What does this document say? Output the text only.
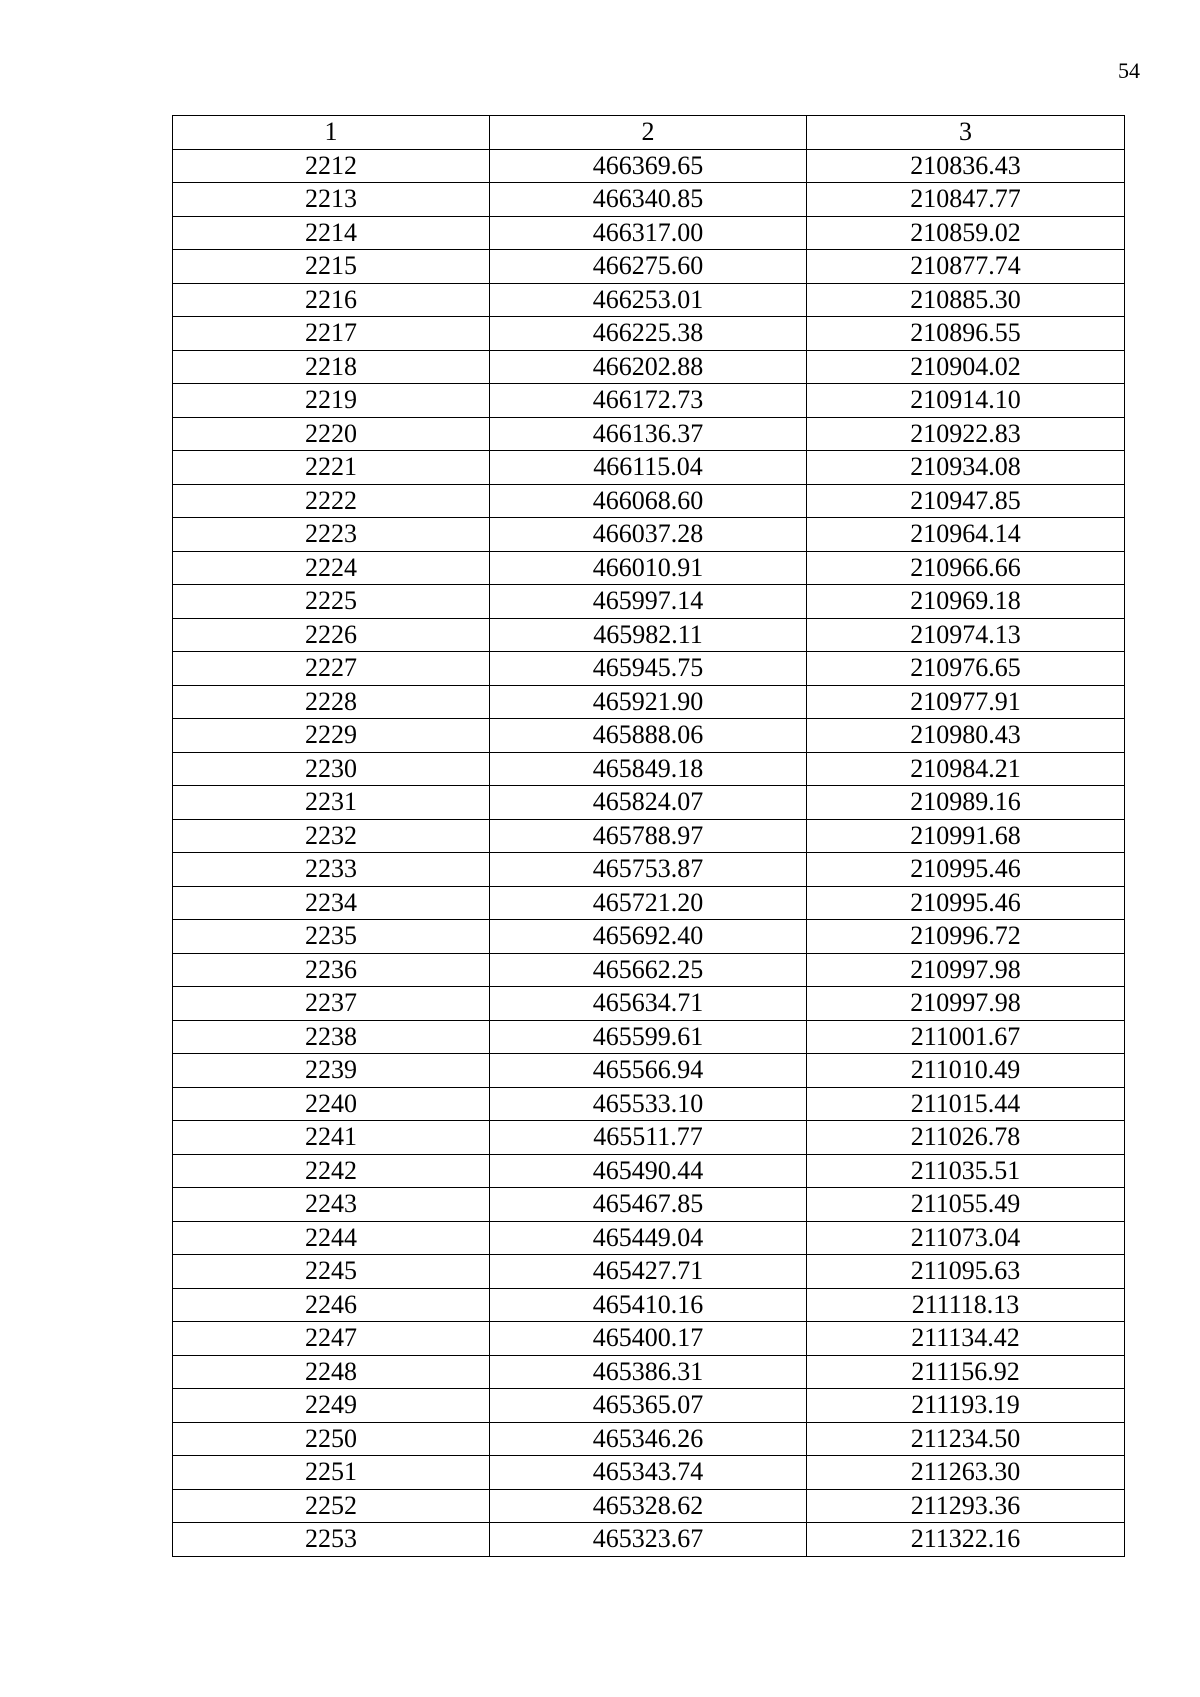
54
1	2	3
2212	466369.65	210836.43
2213	466340.85	210847.77
2214	466317.00	210859.02
2215	466275.60	210877.74
2216	466253.01	210885.30
2217	466225.38	210896.55
2218	466202.88	210904.02
2219	466172.73	210914.10
2220	466136.37	210922.83
2221	466115.04	210934.08
2222	466068.60	210947.85
2223	466037.28	210964.14
2224	466010.91	210966.66
2225	465997.14	210969.18
2226	465982.11	210974.13
2227	465945.75	210976.65
2228	465921.90	210977.91
2229	465888.06	210980.43
2230	465849.18	210984.21
2231	465824.07	210989.16
2232	465788.97	210991.68
2233	465753.87	210995.46
2234	465721.20	210995.46
2235	465692.40	210996.72
2236	465662.25	210997.98
2237	465634.71	210997.98
2238	465599.61	211001.67
2239	465566.94	211010.49
2240	465533.10	211015.44
2241	465511.77	211026.78
2242	465490.44	211035.51
2243	465467.85	211055.49
2244	465449.04	211073.04
2245	465427.71	211095.63
2246	465410.16	211118.13
2247	465400.17	211134.42
2248	465386.31	211156.92
2249	465365.07	211193.19
2250	465346.26	211234.50
2251	465343.74	211263.30
2252	465328.62	211293.36
2253	465323.67	211322.16
